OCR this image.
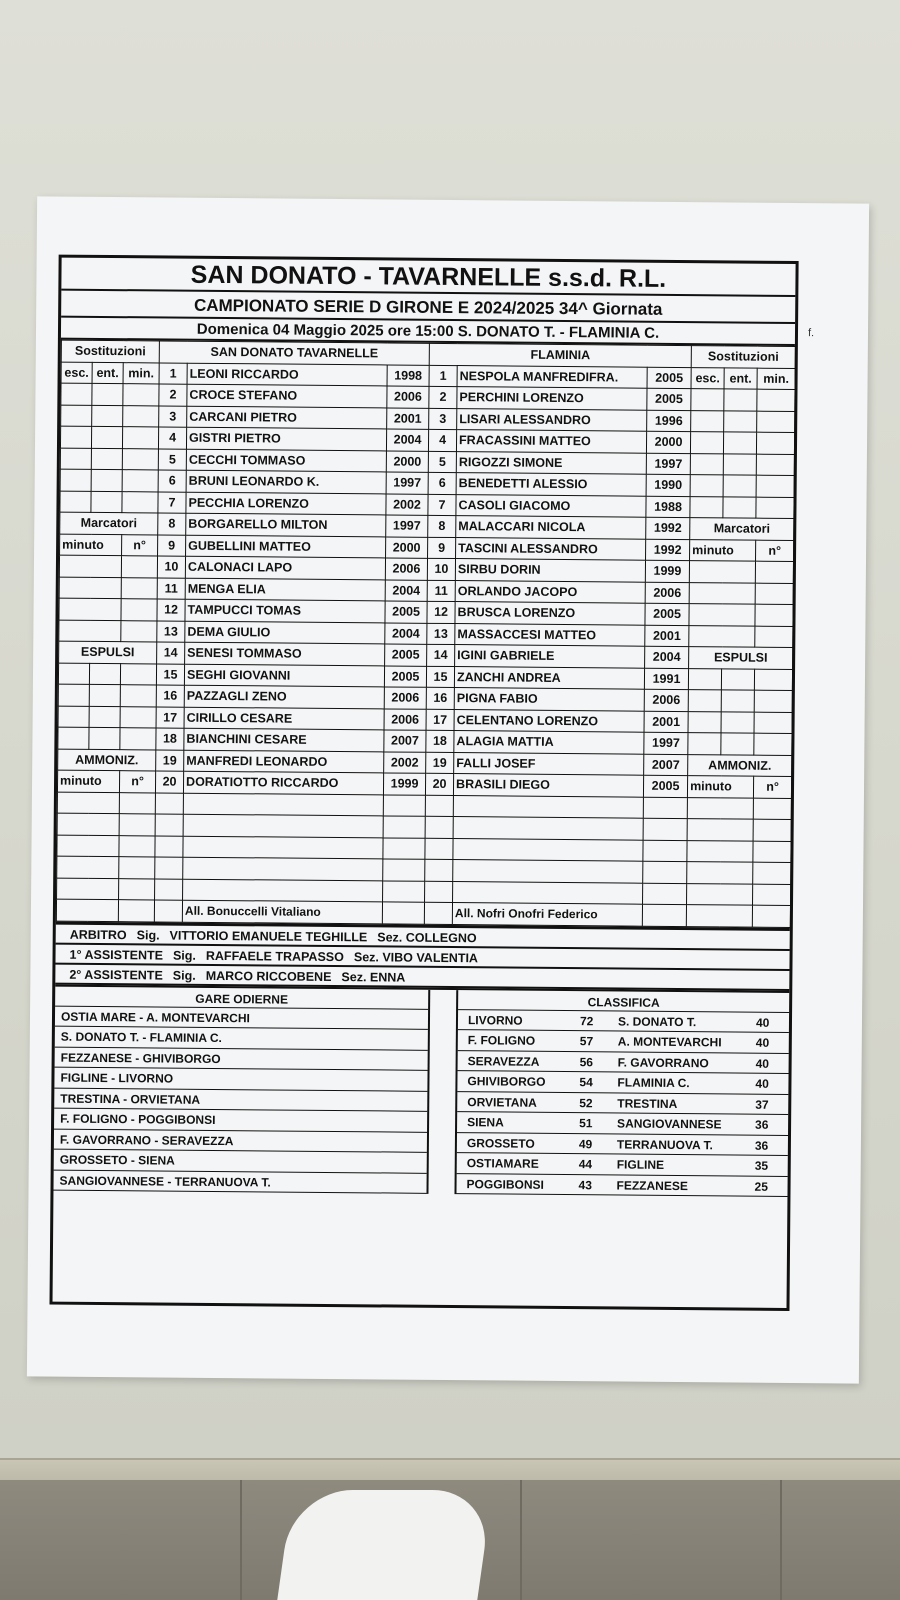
f.
SAN DONATO - TAVARNELLE s.s.d. R.L.
CAMPIONATO SERIE D GIRONE E 2024/2025 34^ Giornata
Domenica 04 Maggio 2025 ore 15:00 S. DONATO T. - FLAMINIA C.
Sostituzioni			SAN DONATO TAVARNELLE			FLAMINIA			Sostituzioni		
esc.	ent.	min.	1	LEONI RICCARDO	1998	1	NESPOLA MANFREDIFRA.	2005	esc.	ent.	min.
			2	CROCE STEFANO	2006	2	PERCHINI LORENZO	2005			
			3	CARCANI PIETRO	2001	3	LISARI ALESSANDRO	1996			
			4	GISTRI PIETRO	2004	4	FRACASSINI MATTEO	2000			
			5	CECCHI TOMMASO	2000	5	RIGOZZI SIMONE	1997			
			6	BRUNI LEONARDO K.	1997	6	BENEDETTI ALESSIO	1990			
			7	PECCHIA LORENZO	2002	7	CASOLI GIACOMO	1988			
Marcatori			8	BORGARELLO MILTON	1997	8	MALACCARI NICOLA	1992	Marcatori		
minuto		n°	9	GUBELLINI MATTEO	2000	9	TASCINI ALESSANDRO	1992	minuto		n°
			10	CALONACI LAPO	2006	10	SIRBU DORIN	1999			
			11	MENGA ELIA	2004	11	ORLANDO JACOPO	2006			
			12	TAMPUCCI TOMAS	2005	12	BRUSCA LORENZO	2005			
			13	DEMA GIULIO	2004	13	MASSACCESI MATTEO	2001			
ESPULSI			14	SENESI TOMMASO	2005	14	IGINI GABRIELE	2004	ESPULSI		
			15	SEGHI GIOVANNI	2005	15	ZANCHI ANDREA	1991			
			16	PAZZAGLI ZENO	2006	16	PIGNA FABIO	2006			
			17	CIRILLO CESARE	2006	17	CELENTANO LORENZO	2001			
			18	BIANCHINI CESARE	2007	18	ALAGIA MATTIA	1997			
AMMONIZ.			19	MANFREDI LEONARDO	2002	19	FALLI JOSEF	2007	AMMONIZ.		
minuto		n°	20	DORATIOTTO RICCARDO	1999	20	BRASILI DIEGO	2005	minuto		n°

				All. Bonuccelli Vitaliano			All. Nofri Onofri Federico				
ARBITRO Sig. VITTORIO EMANUELE TEGHILLE Sez. COLLEGNO
1° ASSISTENTE Sig. RAFFAELE TRAPASSO Sez. VIBO VALENTIA
2° ASSISTENTE Sig. MARCO RICCOBENE Sez. ENNA
GARE ODIERNE
OSTIA MARE - A. MONTEVARCHI
S. DONATO T. - FLAMINIA C.
FEZZANESE - GHIVIBORGO
FIGLINE - LIVORNO
TRESTINA - ORVIETANA
F. FOLIGNO - POGGIBONSI
F. GAVORRANO - SERAVEZZA
GROSSETO - SIENA
SANGIOVANNESE - TERRANUOVA T.
CLASSIFICA
LIVORNO	72 S. DONATO T.	40
F. FOLIGNO	57 A. MONTEVARCHI	40
SERAVEZZA	56 F. GAVORRANO	40
GHIVIBORGO	54 FLAMINIA C.	40
ORVIETANA	52 TRESTINA	37
SIENA	51 SANGIOVANNESE	36
GROSSETO	49 TERRANUOVA T.	36
OSTIAMARE	44 FIGLINE	35
POGGIBONSI	43 FEZZANESE	25
